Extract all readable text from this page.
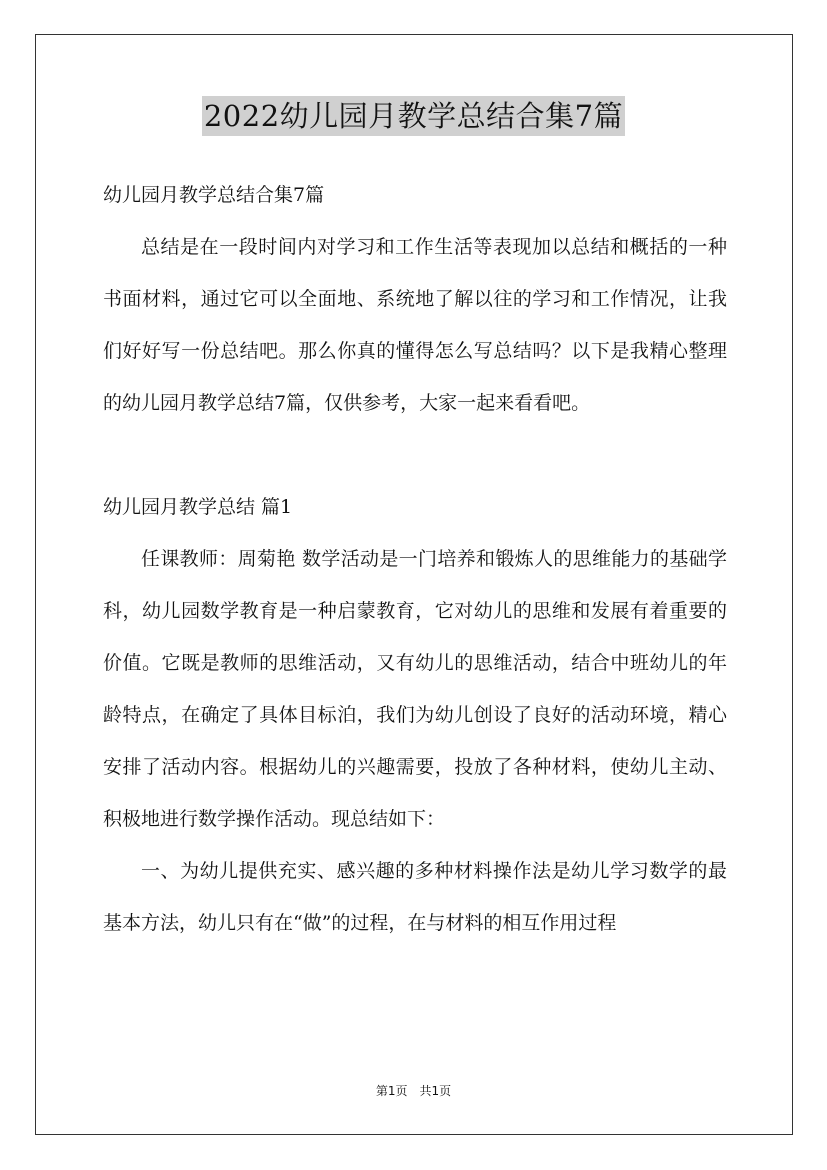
2022幼儿园月教学总结合集7篇

幼儿园月教学总结合集7篇

总结是在一段时间内对学习和工作生活等表现加以总结和概括的一种书面材料，通过它可以全面地、系统地了解以往的学习和工作情况，让我们好好写一份总结吧。那么你真的懂得怎么写总结吗？以下是我精心整理的幼儿园月教学总结7篇，仅供参考，大家一起来看看吧。

幼儿园月教学总结 篇1

任课教师：周菊艳 数学活动是一门培养和锻炼人的思维能力的基础学科，幼儿园数学教育是一种启蒙教育，它对幼儿的思维和发展有着重要的价值。它既是教师的思维活动，又有幼儿的思维活动，结合中班幼儿的年龄特点，在确定了具体目标泊，我们为幼儿创设了良好的活动环境，精心安排了活动内容。根据幼儿的兴趣需要，投放了各种材料，使幼儿主动、积极地进行数学操作活动。现总结如下：

一、为幼儿提供充实、感兴趣的多种材料操作法是幼儿学习数学的最基本方法，幼儿只有在“做”的过程，在与材料的相互作用过程

第1页 共1页
